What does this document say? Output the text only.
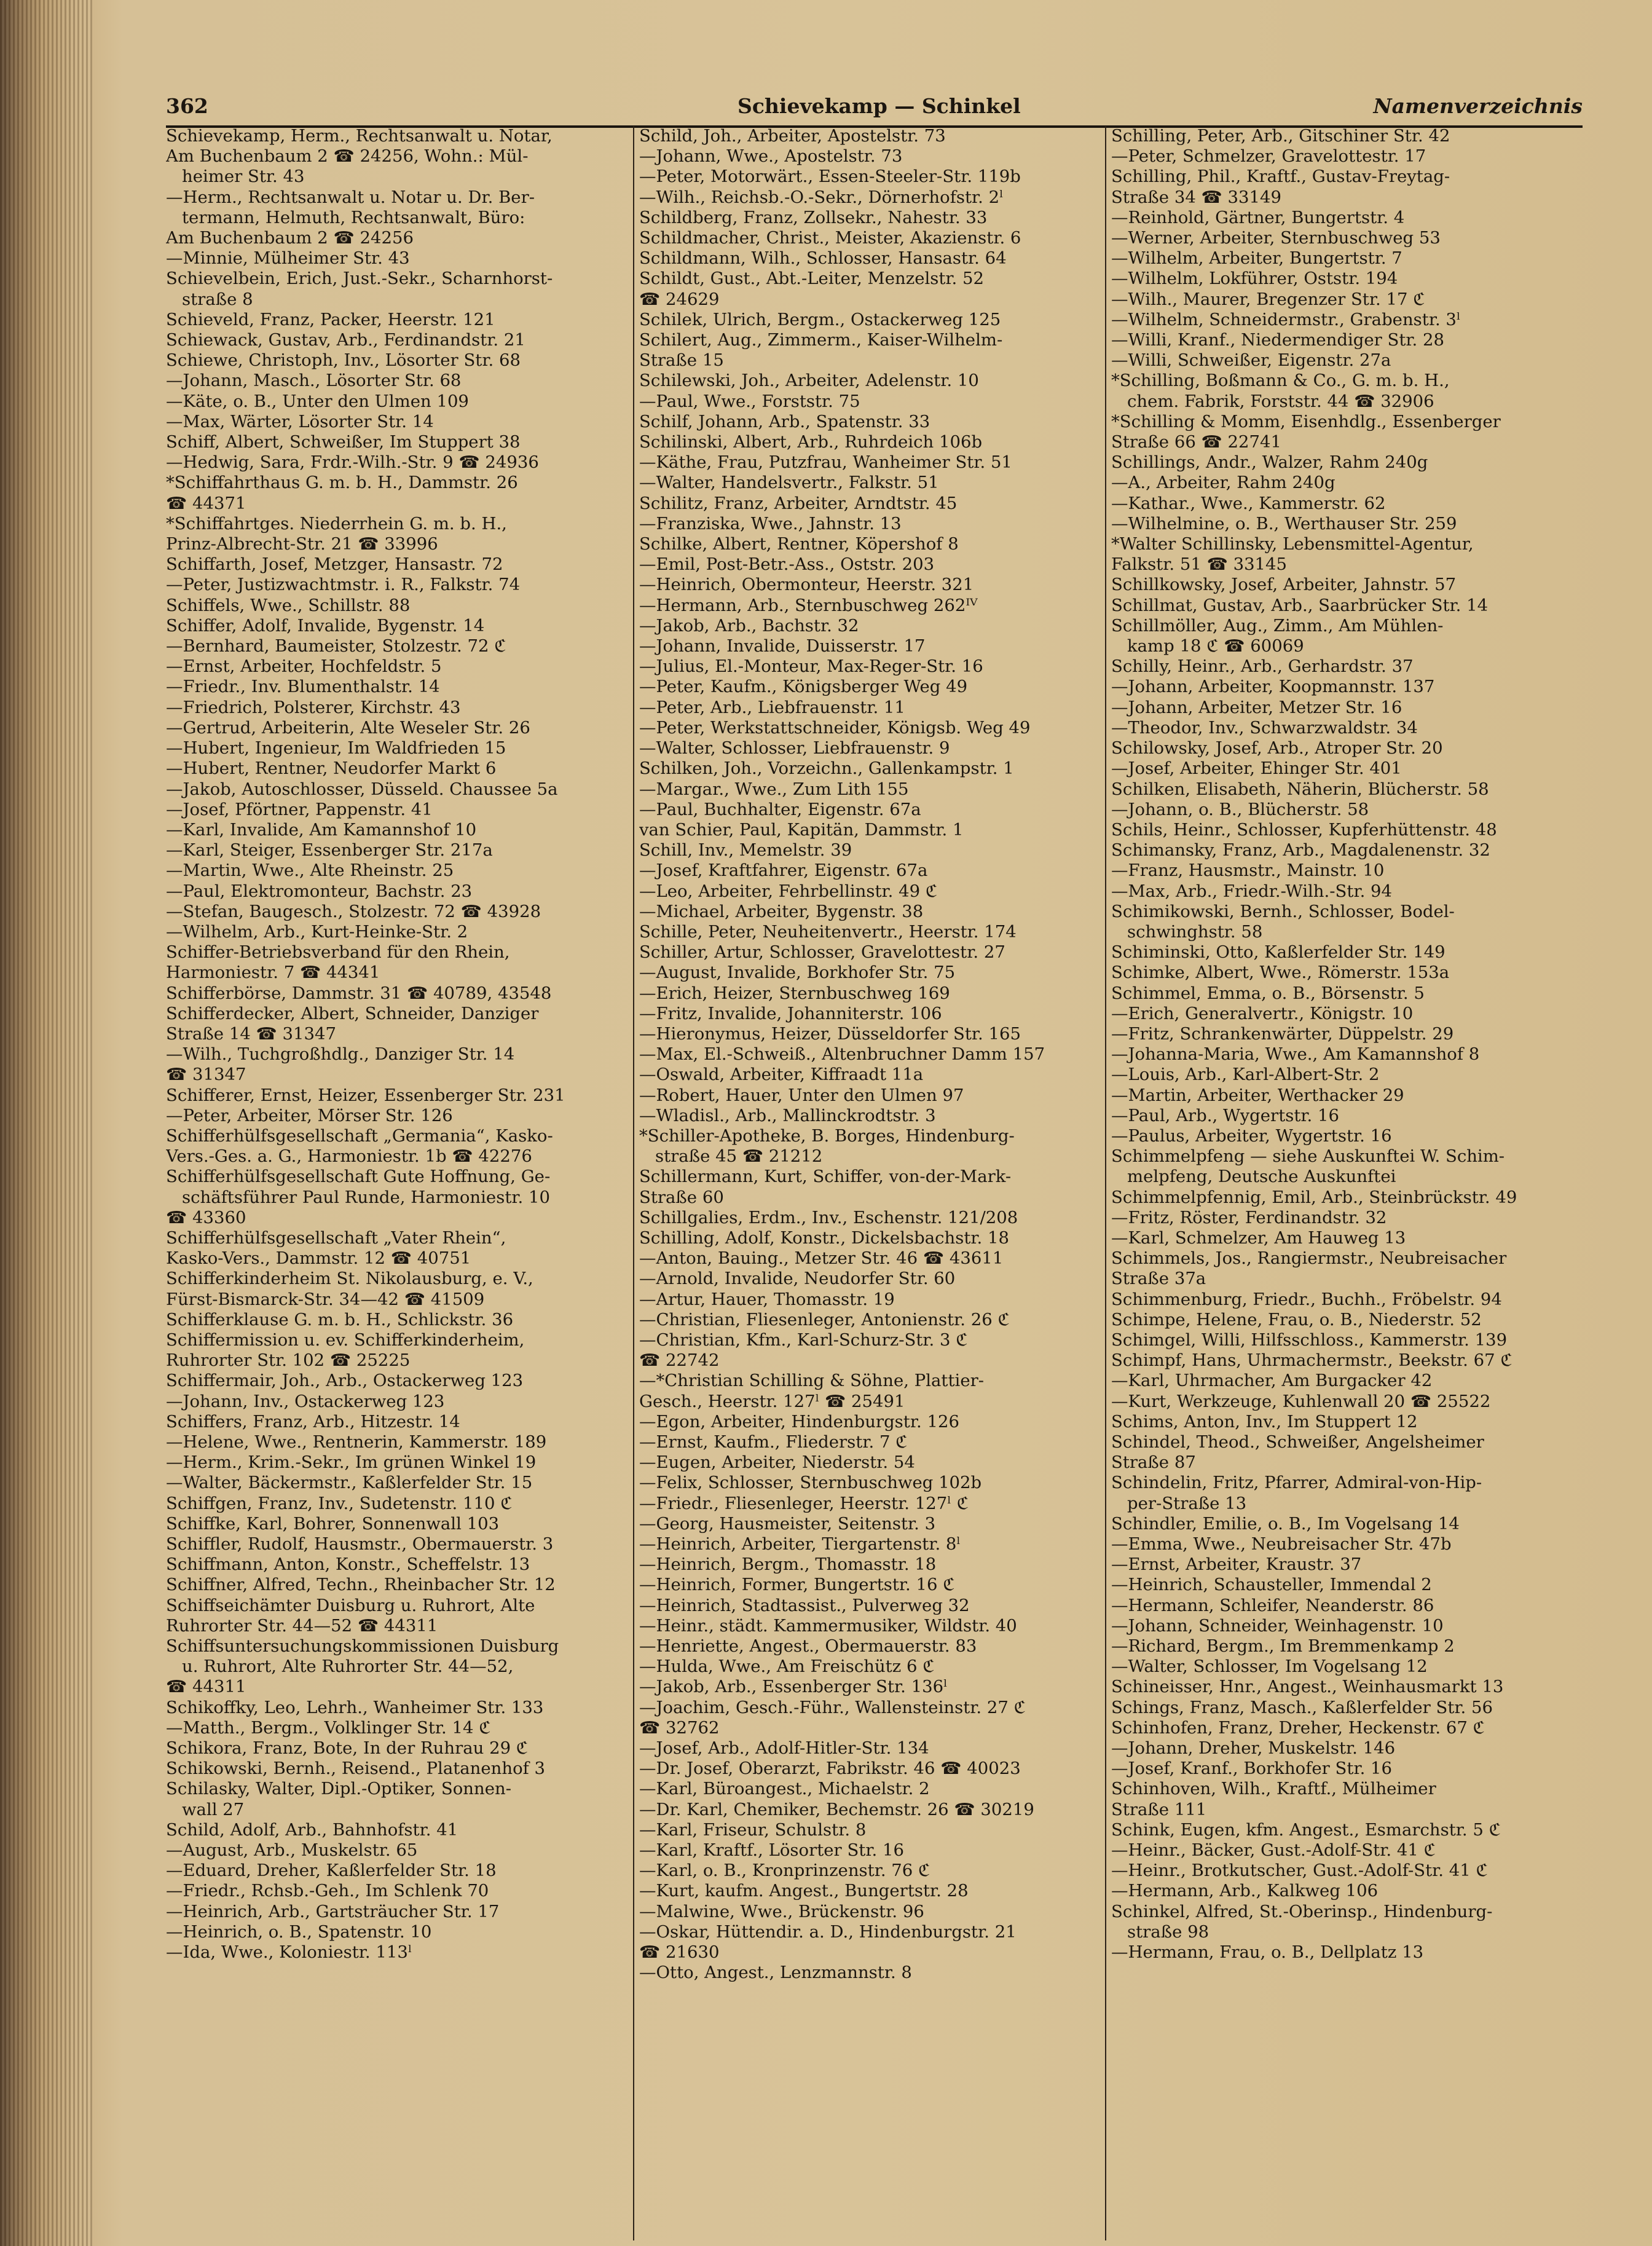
362	Schievekamp — Schinkel	Namenverzeichnis

Schievekamp, Herm., Rechtsanwalt u. Notar,

Am Buchenbaum 2 ☎ 24256, Wohn.: Mül-

heimer Str. 43

—Herm., Rechtsanwalt u. Notar u. Dr. Ber-

termann, Helmuth, Rechtsanwalt, Büro:

Am Buchenbaum 2 ☎ 24256

—Minnie, Mülheimer Str. 43

Schievelbein, Erich, Just.-Sekr., Scharnhorst-

straße 8

Schieveld, Franz, Packer, Heerstr. 121

Schiewack, Gustav, Arb., Ferdinandstr. 21

Schiewe, Christoph, Inv., Lösorter Str. 68

—Johann, Masch., Lösorter Str. 68

—Käte, o. B., Unter den Ulmen 109

—Max, Wärter, Lösorter Str. 14

Schiff, Albert, Schweißer, Im Stuppert 38

—Hedwig, Sara, Frdr.-Wilh.-Str. 9 ☎ 24936

*Schiffahrthaus G. m. b. H., Dammstr. 26

☎ 44371

*Schiffahrtges. Niederrhein G. m. b. H.,

Prinz-Albrecht-Str. 21 ☎ 33996

Schiffarth, Josef, Metzger, Hansastr. 72

—Peter, Justizwachtmstr. i. R., Falkstr. 74

Schiffels, Wwe., Schillstr. 88

Schiffer, Adolf, Invalide, Bygenstr. 14

—Bernhard, Baumeister, Stolzestr. 72 ℭ

—Ernst, Arbeiter, Hochfeldstr. 5

—Friedr., Inv. Blumenthalstr. 14

—Friedrich, Polsterer, Kirchstr. 43

—Gertrud, Arbeiterin, Alte Weseler Str. 26

—Hubert, Ingenieur, Im Waldfrieden 15

—Hubert, Rentner, Neudorfer Markt 6

—Jakob, Autoschlosser, Düsseld. Chaussee 5a

—Josef, Pförtner, Pappenstr. 41

—Karl, Invalide, Am Kamannshof 10

—Karl, Steiger, Essenberger Str. 217a

—Martin, Wwe., Alte Rheinstr. 25

—Paul, Elektromonteur, Bachstr. 23

—Stefan, Baugesch., Stolzestr. 72 ☎ 43928

—Wilhelm, Arb., Kurt-Heinke-Str. 2

Schiffer-Betriebsverband für den Rhein,

Harmoniestr. 7 ☎ 44341

Schifferbörse, Dammstr. 31 ☎ 40789, 43548

Schifferdecker, Albert, Schneider, Danziger

Straße 14 ☎ 31347

—Wilh., Tuchgroßhdlg., Danziger Str. 14

☎ 31347

Schifferer, Ernst, Heizer, Essenberger Str. 231

—Peter, Arbeiter, Mörser Str. 126

Schifferhülfsgesellschaft „Germania“, Kasko-

Vers.-Ges. a. G., Harmoniestr. 1b ☎ 42276

Schifferhülfsgesellschaft Gute Hoffnung, Ge-

schäftsführer Paul Runde, Harmoniestr. 10

☎ 43360

Schifferhülfsgesellschaft „Vater Rhein“,

Kasko-Vers., Dammstr. 12 ☎ 40751

Schifferkinderheim St. Nikolausburg, e. V.,

Fürst-Bismarck-Str. 34—42 ☎ 41509

Schifferklause G. m. b. H., Schlickstr. 36

Schiffermission u. ev. Schifferkinderheim,

Ruhrorter Str. 102 ☎ 25225

Schiffermair, Joh., Arb., Ostackerweg 123

—Johann, Inv., Ostackerweg 123

Schiffers, Franz, Arb., Hitzestr. 14

—Helene, Wwe., Rentnerin, Kammerstr. 189

—Herm., Krim.-Sekr., Im grünen Winkel 19

—Walter, Bäckermstr., Kaßlerfelder Str. 15

Schiffgen, Franz, Inv., Sudetenstr. 110 ℭ

Schiffke, Karl, Bohrer, Sonnenwall 103

Schiffler, Rudolf, Hausmstr., Obermauerstr. 3

Schiffmann, Anton, Konstr., Scheffelstr. 13

Schiffner, Alfred, Techn., Rheinbacher Str. 12

Schiffseichämter Duisburg u. Ruhrort, Alte

Ruhrorter Str. 44—52 ☎ 44311

Schiffsuntersuchungskommissionen Duisburg

u. Ruhrort, Alte Ruhrorter Str. 44—52,

☎ 44311

Schikoffky, Leo, Lehrh., Wanheimer Str. 133

—Matth., Bergm., Volklinger Str. 14 ℭ

Schikora, Franz, Bote, In der Ruhrau 29 ℭ

Schikowski, Bernh., Reisend., Platanenhof 3

Schilasky, Walter, Dipl.-Optiker, Sonnen-

wall 27

Schild, Adolf, Arb., Bahnhofstr. 41

—August, Arb., Muskelstr. 65

—Eduard, Dreher, Kaßlerfelder Str. 18

—Friedr., Rchsb.-Geh., Im Schlenk 70

—Heinrich, Arb., Gartsträucher Str. 17

—Heinrich, o. B., Spatenstr. 10

—Ida, Wwe., Koloniestr. 113ˡ

Schild, Joh., Arbeiter, Apostelstr. 73

—Johann, Wwe., Apostelstr. 73

—Peter, Motorwärt., Essen-Steeler-Str. 119b

—Wilh., Reichsb.-O.-Sekr., Dörnerhofstr. 2ˡ

Schildberg, Franz, Zollsekr., Nahestr. 33

Schildmacher, Christ., Meister, Akazienstr. 6

Schildmann, Wilh., Schlosser, Hansastr. 64

Schildt, Gust., Abt.-Leiter, Menzelstr. 52

☎ 24629

Schilek, Ulrich, Bergm., Ostackerweg 125

Schilert, Aug., Zimmerm., Kaiser-Wilhelm-

Straße 15

Schilewski, Joh., Arbeiter, Adelenstr. 10

—Paul, Wwe., Forststr. 75

Schilf, Johann, Arb., Spatenstr. 33

Schilinski, Albert, Arb., Ruhrdeich 106b

—Käthe, Frau, Putzfrau, Wanheimer Str. 51

—Walter, Handelsvertr., Falkstr. 51

Schilitz, Franz, Arbeiter, Arndtstr. 45

—Franziska, Wwe., Jahnstr. 13

Schilke, Albert, Rentner, Köpershof 8

—Emil, Post-Betr.-Ass., Oststr. 203

—Heinrich, Obermonteur, Heerstr. 321

—Hermann, Arb., Sternbuschweg 262ᴵⱽ

—Jakob, Arb., Bachstr. 32

—Johann, Invalide, Duisserstr. 17

—Julius, El.-Monteur, Max-Reger-Str. 16

—Peter, Kaufm., Königsberger Weg 49

—Peter, Arb., Liebfrauenstr. 11

—Peter, Werkstattschneider, Königsb. Weg 49

—Walter, Schlosser, Liebfrauenstr. 9

Schilken, Joh., Vorzeichn., Gallenkampstr. 1

—Margar., Wwe., Zum Lith 155

—Paul, Buchhalter, Eigenstr. 67a

van Schier, Paul, Kapitän, Dammstr. 1

Schill, Inv., Memelstr. 39

—Josef, Kraftfahrer, Eigenstr. 67a

—Leo, Arbeiter, Fehrbellinstr. 49 ℭ

—Michael, Arbeiter, Bygenstr. 38

Schille, Peter, Neuheitenvertr., Heerstr. 174

Schiller, Artur, Schlosser, Gravelottestr. 27

—August, Invalide, Borkhofer Str. 75

—Erich, Heizer, Sternbuschweg 169

—Fritz, Invalide, Johanniterstr. 106

—Hieronymus, Heizer, Düsseldorfer Str. 165

—Max, El.-Schweiß., Altenbruchner Damm 157

—Oswald, Arbeiter, Kiffraadt 11a

—Robert, Hauer, Unter den Ulmen 97

—Wladisl., Arb., Mallinckrodtstr. 3

*Schiller-Apotheke, B. Borges, Hindenburg-

straße 45 ☎ 21212

Schillermann, Kurt, Schiffer, von-der-Mark-

Straße 60

Schillgalies, Erdm., Inv., Eschenstr. 121/208

Schilling, Adolf, Konstr., Dickelsbachstr. 18

—Anton, Bauing., Metzer Str. 46 ☎ 43611

—Arnold, Invalide, Neudorfer Str. 60

—Artur, Hauer, Thomasstr. 19

—Christian, Fliesenleger, Antonienstr. 26 ℭ

—Christian, Kfm., Karl-Schurz-Str. 3 ℭ

☎ 22742

—*Christian Schilling & Söhne, Plattier-

Gesch., Heerstr. 127ˡ ☎ 25491

—Egon, Arbeiter, Hindenburgstr. 126

—Ernst, Kaufm., Fliederstr. 7 ℭ

—Eugen, Arbeiter, Niederstr. 54

—Felix, Schlosser, Sternbuschweg 102b

—Friedr., Fliesenleger, Heerstr. 127ˡ ℭ

—Georg, Hausmeister, Seitenstr. 3

—Heinrich, Arbeiter, Tiergartenstr. 8ˡ

—Heinrich, Bergm., Thomasstr. 18

—Heinrich, Former, Bungertstr. 16 ℭ

—Heinrich, Stadtassist., Pulverweg 32

—Heinr., städt. Kammermusiker, Wildstr. 40

—Henriette, Angest., Obermauerstr. 83

—Hulda, Wwe., Am Freischütz 6 ℭ

—Jakob, Arb., Essenberger Str. 136ˡ

—Joachim, Gesch.-Führ., Wallensteinstr. 27 ℭ

☎ 32762

—Josef, Arb., Adolf-Hitler-Str. 134

—Dr. Josef, Oberarzt, Fabrikstr. 46 ☎ 40023

—Karl, Büroangest., Michaelstr. 2

—Dr. Karl, Chemiker, Bechemstr. 26 ☎ 30219

—Karl, Friseur, Schulstr. 8

—Karl, Kraftf., Lösorter Str. 16

—Karl, o. B., Kronprinzenstr. 76 ℭ

—Kurt, kaufm. Angest., Bungertstr. 28

—Malwine, Wwe., Brückenstr. 96

—Oskar, Hüttendir. a. D., Hindenburgstr. 21

☎ 21630

—Otto, Angest., Lenzmannstr. 8

Schilling, Peter, Arb., Gitschiner Str. 42

—Peter, Schmelzer, Gravelottestr. 17

Schilling, Phil., Kraftf., Gustav-Freytag-

Straße 34 ☎ 33149

—Reinhold, Gärtner, Bungertstr. 4

—Werner, Arbeiter, Sternbuschweg 53

—Wilhelm, Arbeiter, Bungertstr. 7

—Wilhelm, Lokführer, Oststr. 194

—Wilh., Maurer, Bregenzer Str. 17 ℭ

—Wilhelm, Schneidermstr., Grabenstr. 3ˡ

—Willi, Kranf., Niedermendiger Str. 28

—Willi, Schweißer, Eigenstr. 27a

*Schilling, Boßmann & Co., G. m. b. H.,

chem. Fabrik, Forststr. 44 ☎ 32906

*Schilling & Momm, Eisenhdlg., Essenberger

Straße 66 ☎ 22741

Schillings, Andr., Walzer, Rahm 240g

—A., Arbeiter, Rahm 240g

—Kathar., Wwe., Kammerstr. 62

—Wilhelmine, o. B., Werthauser Str. 259

*Walter Schillinsky, Lebensmittel-Agentur,

Falkstr. 51 ☎ 33145

Schillkowsky, Josef, Arbeiter, Jahnstr. 57

Schillmat, Gustav, Arb., Saarbrücker Str. 14

Schillmöller, Aug., Zimm., Am Mühlen-

kamp 18 ℭ ☎ 60069

Schilly, Heinr., Arb., Gerhardstr. 37

—Johann, Arbeiter, Koopmannstr. 137

—Johann, Arbeiter, Metzer Str. 16

—Theodor, Inv., Schwarzwaldstr. 34

Schilowsky, Josef, Arb., Atroper Str. 20

—Josef, Arbeiter, Ehinger Str. 401

Schilken, Elisabeth, Näherin, Blücherstr. 58

—Johann, o. B., Blücherstr. 58

Schils, Heinr., Schlosser, Kupferhüttenstr. 48

Schimansky, Franz, Arb., Magdalenenstr. 32

—Franz, Hausmstr., Mainstr. 10

—Max, Arb., Friedr.-Wilh.-Str. 94

Schimikowski, Bernh., Schlosser, Bodel-

schwinghstr. 58

Schiminski, Otto, Kaßlerfelder Str. 149

Schimke, Albert, Wwe., Römerstr. 153a

Schimmel, Emma, o. B., Börsenstr. 5

—Erich, Generalvertr., Königstr. 10

—Fritz, Schrankenwärter, Düppelstr. 29

—Johanna-Maria, Wwe., Am Kamannshof 8

—Louis, Arb., Karl-Albert-Str. 2

—Martin, Arbeiter, Werthacker 29

—Paul, Arb., Wygertstr. 16

—Paulus, Arbeiter, Wygertstr. 16

Schimmelpfeng — siehe Auskunftei W. Schim-

melpfeng, Deutsche Auskunftei

Schimmelpfennig, Emil, Arb., Steinbrückstr. 49

—Fritz, Röster, Ferdinandstr. 32

—Karl, Schmelzer, Am Hauweg 13

Schimmels, Jos., Rangiermstr., Neubreisacher

Straße 37a

Schimmenburg, Friedr., Buchh., Fröbelstr. 94

Schimpe, Helene, Frau, o. B., Niederstr. 52

Schimgel, Willi, Hilfsschloss., Kammerstr. 139

Schimpf, Hans, Uhrmachermstr., Beekstr. 67 ℭ

—Karl, Uhrmacher, Am Burgacker 42

—Kurt, Werkzeuge, Kuhlenwall 20 ☎ 25522

Schims, Anton, Inv., Im Stuppert 12

Schindel, Theod., Schweißer, Angelsheimer

Straße 87

Schindelin, Fritz, Pfarrer, Admiral-von-Hip-

per-Straße 13

Schindler, Emilie, o. B., Im Vogelsang 14

—Emma, Wwe., Neubreisacher Str. 47b

—Ernst, Arbeiter, Kraustr. 37

—Heinrich, Schausteller, Immendal 2

—Hermann, Schleifer, Neanderstr. 86

—Johann, Schneider, Weinhagenstr. 10

—Richard, Bergm., Im Bremmenkamp 2

—Walter, Schlosser, Im Vogelsang 12

Schineisser, Hnr., Angest., Weinhausmarkt 13

Schings, Franz, Masch., Kaßlerfelder Str. 56

Schinhofen, Franz, Dreher, Heckenstr. 67 ℭ

—Johann, Dreher, Muskelstr. 146

—Josef, Kranf., Borkhofer Str. 16

Schinhoven, Wilh., Kraftf., Mülheimer

Straße 111

Schink, Eugen, kfm. Angest., Esmarchstr. 5 ℭ

—Heinr., Bäcker, Gust.-Adolf-Str. 41 ℭ

—Heinr., Brotkutscher, Gust.-Adolf-Str. 41 ℭ

—Hermann, Arb., Kalkweg 106

Schinkel, Alfred, St.-Oberinsp., Hindenburg-

straße 98

—Hermann, Frau, o. B., Dellplatz 13
